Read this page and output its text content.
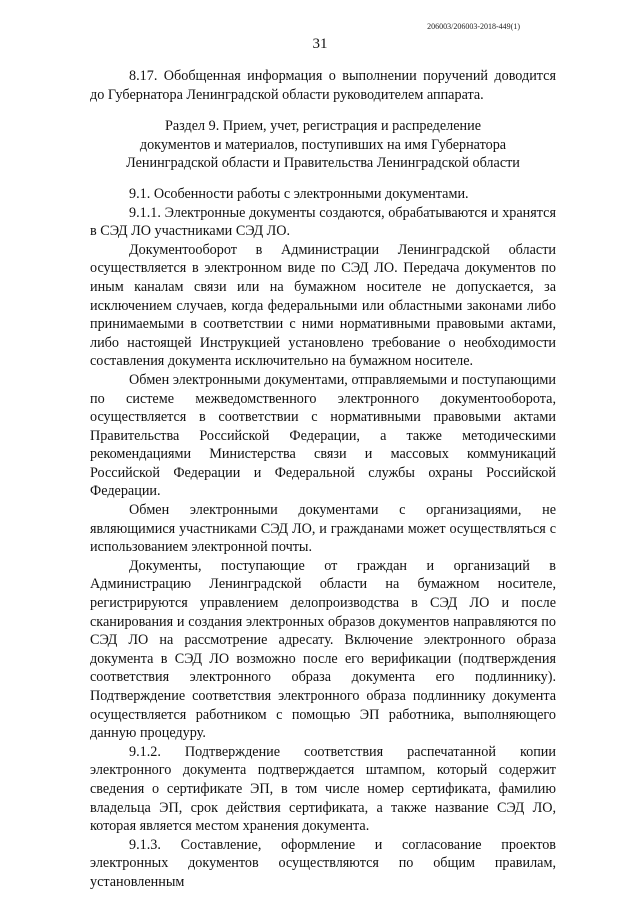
206003/206003-2018-449(1)
31

8.17. Обобщенная информация о выполнении поручений доводится до Губернатора Ленинградской области руководителем аппарата.

Раздел 9. Прием, учет, регистрация и распределение
документов и материалов, поступивших на имя Губернатора
Ленинградской области и Правительства Ленинградской области

9.1. Особенности работы с электронными документами.

9.1.1. Электронные документы создаются, обрабатываются и хранятся в СЭД ЛО участниками СЭД ЛО.

Документооборот в Администрации Ленинградской области осуществляется в электронном виде по СЭД ЛО. Передача документов по иным каналам связи или на бумажном носителе не допускается, за исключением случаев, когда федеральными или областными законами либо принимаемыми в соответствии с ними нормативными правовыми актами, либо настоящей Инструкцией установлено требование о необходимости составления документа исключительно на бумажном носителе.

Обмен электронными документами, отправляемыми и поступающими по системе межведомственного электронного документооборота, осуществляется в соответствии с нормативными правовыми актами Правительства Российской Федерации, а также методическими рекомендациями Министерства связи и массовых коммуникаций Российской Федерации и Федеральной службы охраны Российской Федерации.

Обмен электронными документами с организациями, не являющимися участниками СЭД ЛО, и гражданами может осуществляться с использованием электронной почты.

Документы, поступающие от граждан и организаций в Администрацию Ленинградской области на бумажном носителе, регистрируются управлением делопроизводства в СЭД ЛО и после сканирования и создания электронных образов документов направляются по СЭД ЛО на рассмотрение адресату. Включение электронного образа документа в СЭД ЛО возможно после его верификации (подтверждения соответствия электронного образа документа его подлиннику). Подтверждение соответствия электронного образа подлиннику документа осуществляется работником с помощью ЭП работника, выполняющего данную процедуру.

9.1.2. Подтверждение соответствия распечатанной копии электронного документа подтверждается штампом, который содержит сведения о сертификате ЭП, в том числе номер сертификата, фамилию владельца ЭП, срок действия сертификата, а также название СЭД ЛО, которая является местом хранения документа.

9.1.3. Составление, оформление и согласование проектов электронных документов осуществляются по общим правилам, установленным
